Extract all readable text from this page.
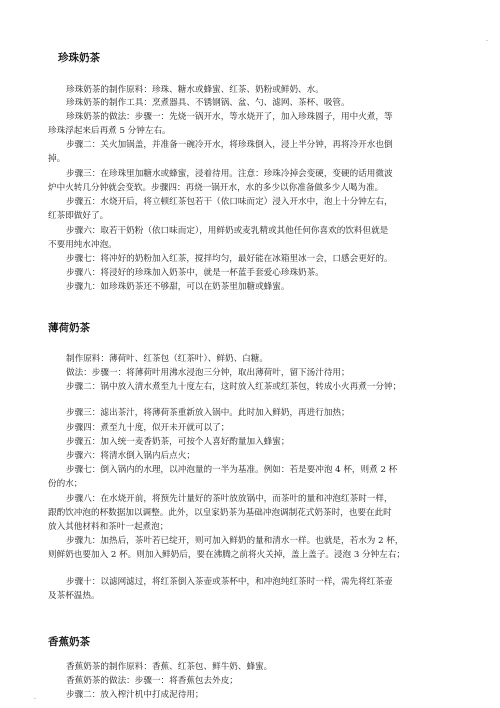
·
珍珠奶茶
珍珠奶茶的制作原料：珍珠、糖水或蜂蜜、红茶、奶粉或鲜奶、水。
珍珠奶茶的制作工具：烹煮器具、不锈钢锅、盆、勺、滤网、茶杯、吸管。
珍珠奶茶的做法：步骤一：先烧一锅开水，等水烧开了，加入珍珠圆子，用中火煮，等
珍珠浮起来后再煮 5 分钟左右。
步骤二：关火加锅盖，并准备一碗冷开水，将珍珠倒入，浸上半分钟，再将冷开水也倒
掉。
步骤三：在珍珠里加糖水或蜂蜜，浸着待用。注意：珍珠冷掉会变硬，变硬的话用微波
炉中火转几分钟就会变软。步骤四：再烧一锅开水，水的多少以你准备做多少人喝为准。
步骤五：水烧开后，将立顿红茶包若干（依口味而定）浸入开水中，泡上十分钟左右，
红茶即做好了。
步骤六：取若干奶粉（依口味而定），用鲜奶或麦乳精或其他任何你喜欢的饮料但就是
不要用纯水冲泡。
步骤七：将冲好的奶粉加入红茶，搅拌均匀，最好能在冰箱里冰一会，口感会更好的。
步骤八：将浸好的珍珠加入奶茶中，就是一杯蓝手套爱心珍珠奶茶。
步骤九：如珍珠奶茶还不够甜，可以在奶茶里加糖或蜂蜜。
薄荷奶茶
制作原料：薄荷叶、红茶包（红茶叶）、鲜奶、白糖。
做法：步骤一：将薄荷叶用沸水浸泡三分钟，取出薄荷叶，留下汤汁待用；
步骤二：锅中放入清水煮至九十度左右，这时放入红茶或红茶包，转成小火再煮一分钟；
步骤三：滤出茶汁，将薄荷茶重新放入锅中。此时加入鲜奶，再进行加热；
步骤四：煮至九十度，似开未开就可以了；
步骤五：加入统一麦香奶茶，可按个人喜好酌量加入蜂蜜；
步骤六：将清水倒入锅内后点火；
步骤七：倒入锅内的水理，以冲泡量的一半为基准。例如：若是要冲泡 4 杯，则煮 2 杯
份的水；
步骤八：在水烧开前，将预先计量好的茶叶放放锅中，而茶叶的量和冲泡红茶时一样，
跟酌饮冲泡的杯数据加以调整。此外，以皇家奶茶为基础冲泡调制花式奶茶时，也要在此时
放入其他材料和茶叶一起煮泡；
步骤九：加热后，茶叶若已绽开，则可加入鲜奶的量和清水一样。也就是，若水为 2 杯，
则鲜奶也要加入 2 杯。则加入鲜奶后，要在沸腾之前将火关掉，盖上盖子。浸泡 3 分钟左右；
步骤十：以滤网滤过，将红茶倒入茶壶或茶杯中，和冲泡纯红茶时一样，需先将红茶壶
及茶杯温热。
香蕉奶茶
香蕉奶茶的制作原料：香蕉、红茶包、鲜牛奶、蜂蜜。
香蕉奶茶的做法：步骤一：将香蕉包去外皮；
步骤二：放入榨汁机中打成泥待用；
·
